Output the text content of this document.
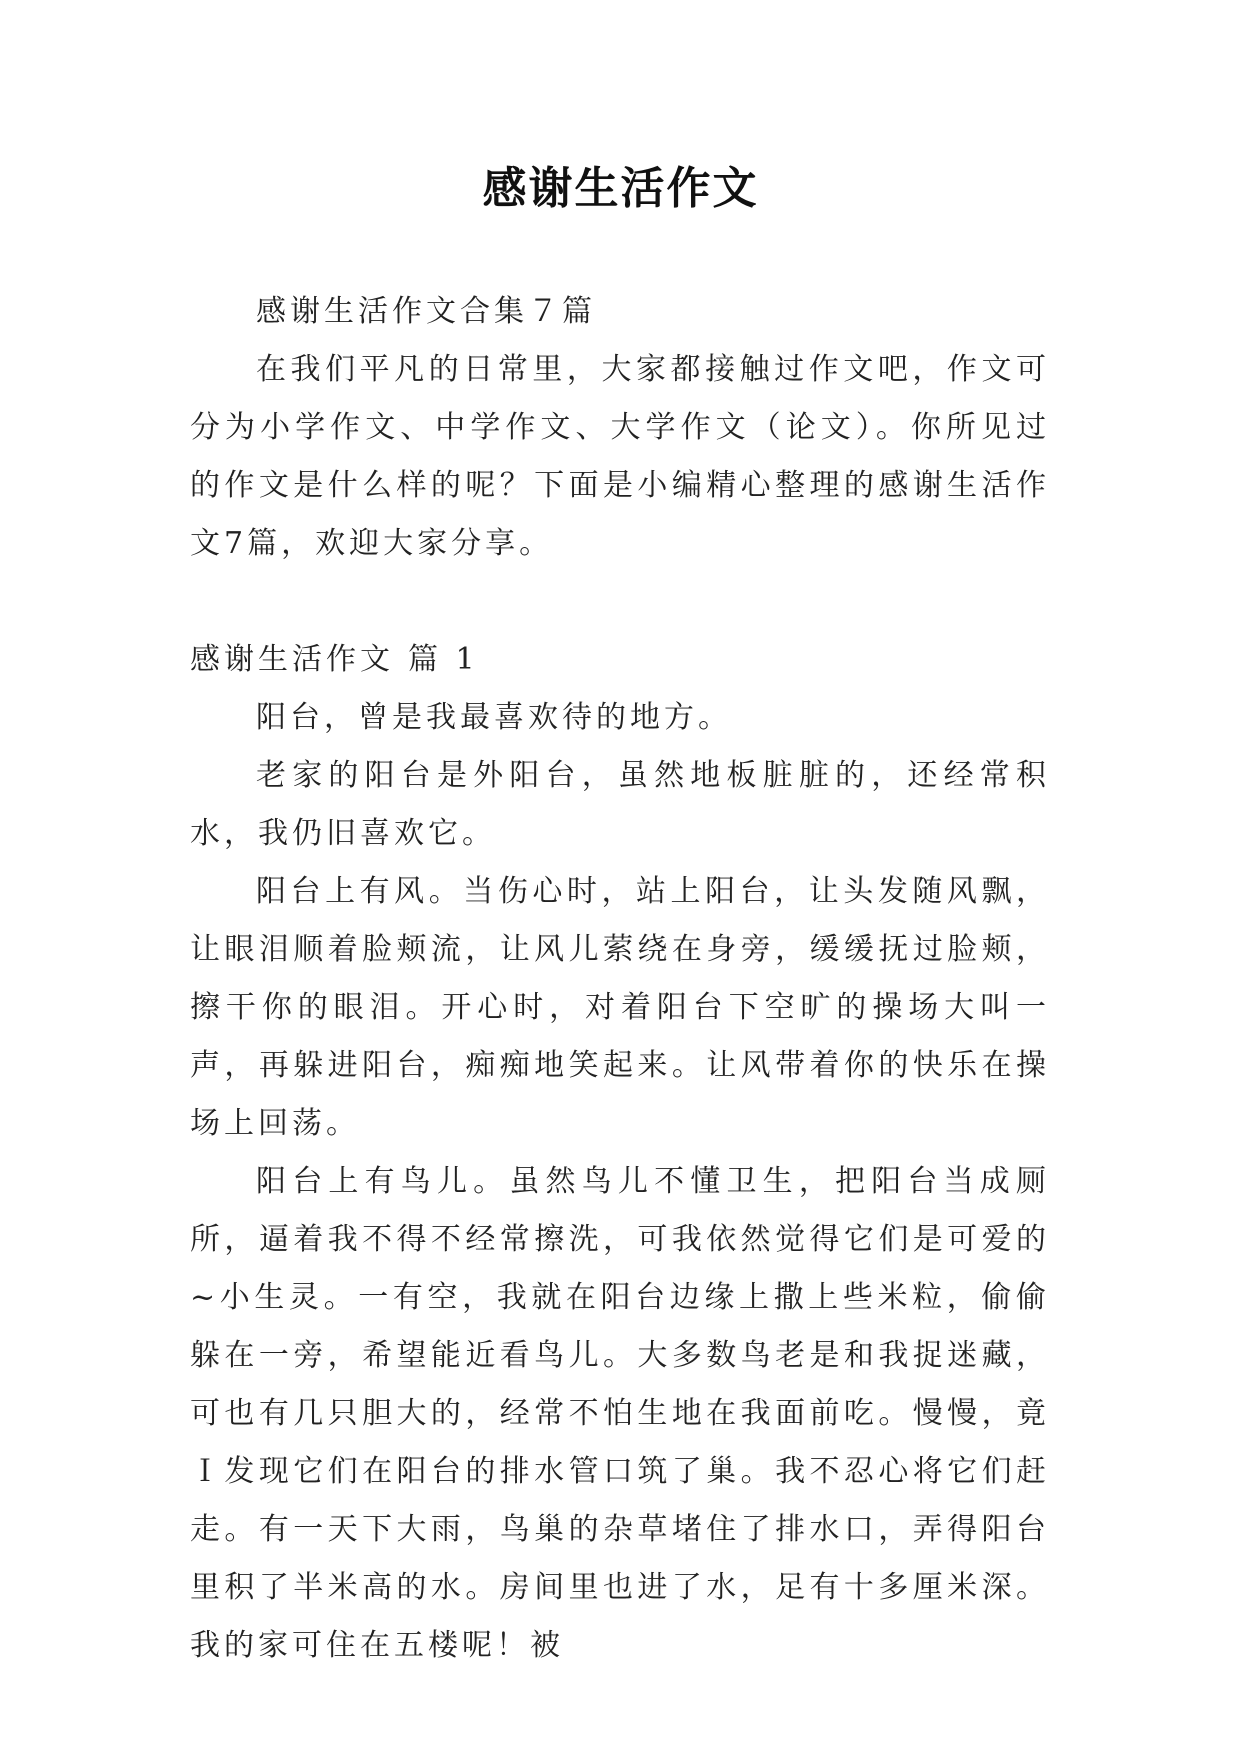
感谢生活作文

感谢生活作文合集７篇

在我们平凡的日常里，大家都接触过作文吧，作文可分为小学作文、中学作文、大学作文（论文）。你所见过的作文是什么样的呢？下面是小编精心整理的感谢生活作文7篇，欢迎大家分享。

感谢生活作文 篇 1

阳台，曾是我最喜欢待的地方。

老家的阳台是外阳台，虽然地板脏脏的，还经常积水，我仍旧喜欢它。

阳台上有风。当伤心时，站上阳台，让头发随风飘，让眼泪顺着脸颊流，让风儿萦绕在身旁，缓缓抚过脸颊，擦干你的眼泪。开心时，对着阳台下空旷的操场大叫一声，再躲进阳台，痴痴地笑起来。让风带着你的快乐在操场上回荡。

阳台上有鸟儿。虽然鸟儿不懂卫生，把阳台当成厕所，逼着我不得不经常擦洗，可我依然觉得它们是可爱的~小生灵。一有空，我就在阳台边缘上撒上些米粒，偷偷躲在一旁，希望能近看鸟儿。大多数鸟老是和我捉迷藏，可也有几只胆大的，经常不怕生地在我面前吃。慢慢，竟Ｉ发现它们在阳台的排水管口筑了巢。我不忍心将它们赶走。有一天下大雨，鸟巢的杂草堵住了排水口，弄得阳台里积了半米高的水。房间里也进了水，足有十多厘米深。我的家可住在五楼呢！被
